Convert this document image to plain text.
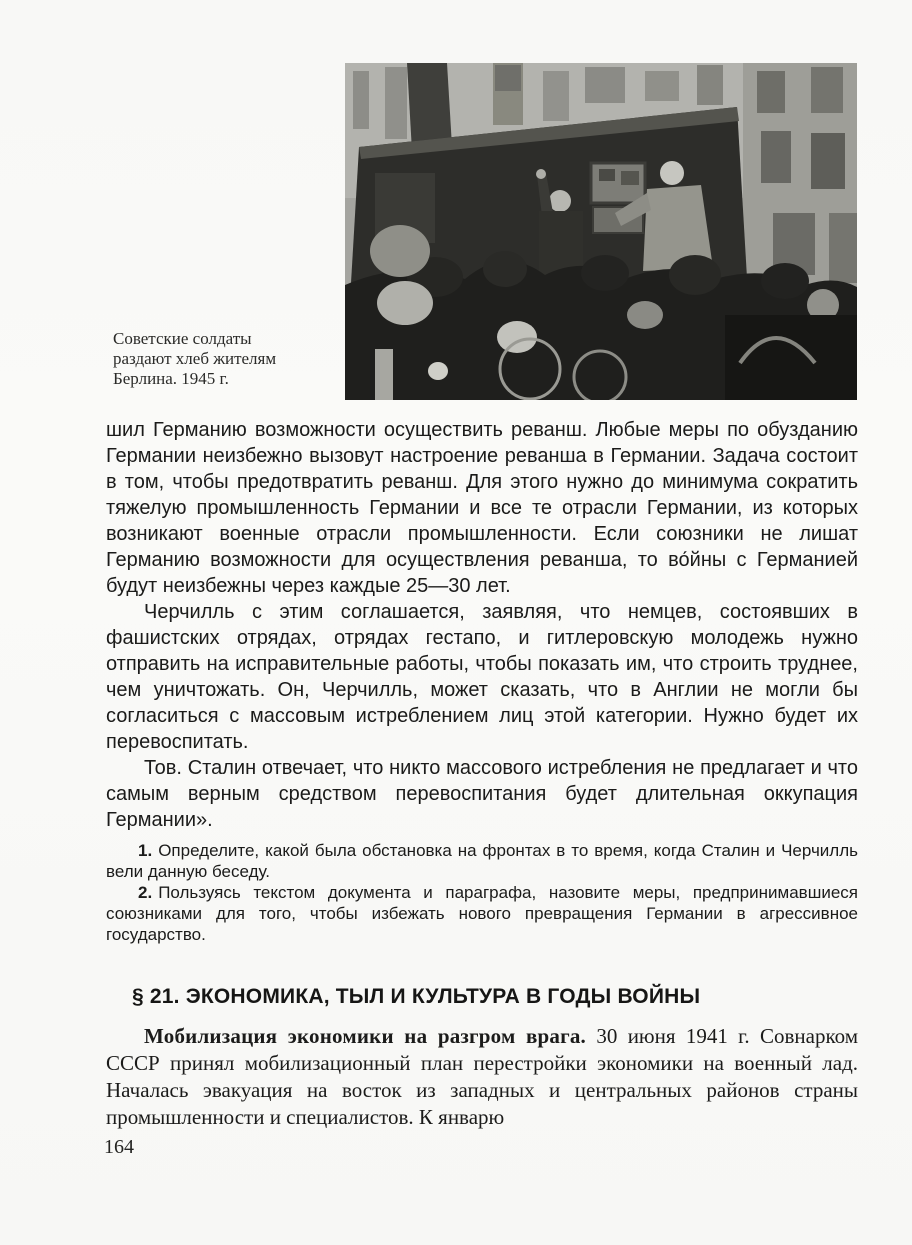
Советские солдаты
раздают хлеб жителям
Берлина. 1945 г.

шил Германию возможности осуществить реванш. Любые меры по обузданию Германии неизбежно вызовут настроение реванша в Германии. Задача состоит в том, чтобы предотвратить реванш. Для этого нужно до минимума сократить тяжелую промышленность Германии и все те отрасли Германии, из которых возникают военные отрасли промышленности. Если союзники не лишат Германию возможности для осуществления реванша, то во́йны с Германией будут неизбежны через каждые 25—30 лет.

Черчилль с этим соглашается, заявляя, что немцев, состоявших в фашистских отрядах, отрядах гестапо, и гитлеровскую молодежь нужно отправить на исправительные работы, чтобы показать им, что строить труднее, чем уничтожать. Он, Черчилль, может сказать, что в Англии не могли бы согласиться с массовым истреблением лиц этой категории. Нужно будет их перевоспитать.

Тов. Сталин отвечает, что никто массового истребления не предлагает и что самым верным средством перевоспитания будет длительная оккупация Германии».

1. Определите, какой была обстановка на фронтах в то время, когда Сталин и Черчилль вели данную беседу.

2. Пользуясь текстом документа и параграфа, назовите меры, предпринимавшиеся союзниками для того, чтобы избежать нового превращения Германии в агрессивное государство.

§ 21. ЭКОНОМИКА, ТЫЛ И КУЛЬТУРА В ГОДЫ ВОЙНЫ

Мобилизация экономики на разгром врага. 30 июня 1941 г. Совнарком СССР принял мобилизационный план перестройки экономики на военный лад. Началась эвакуация на восток из западных и центральных районов страны промышленности и специалистов. К январю

164
